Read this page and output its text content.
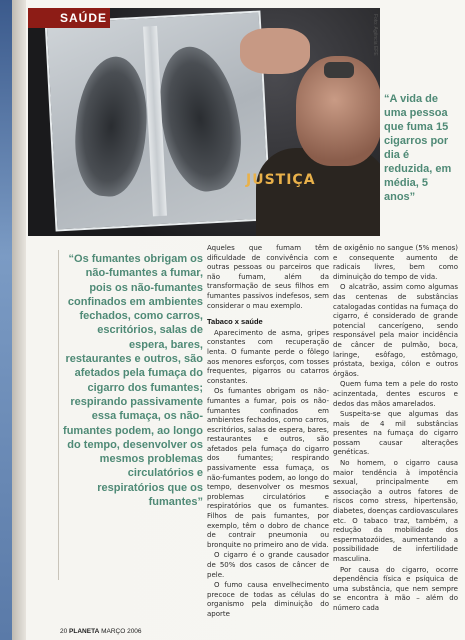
JUSTIÇA
SAÚDE	Foto: Agência EFE
“A vida de uma pessoa que fuma 15 cigarros por dia é reduzida, em média, 5 anos”
“Os fumantes obrigam os não-fumantes a fumar, pois os não-fumantes confinados em ambientes fechados, como carros, escritórios, salas de espera, bares, restaurantes e outros, são afetados pela fumaça do cigarro dos fumantes; respirando passivamente essa fumaça, os não-fumantes podem, ao longo do tempo, desenvolver os mesmos problemas circulatórios e respiratórios que os fumantes”

Aqueles que fumam têm dificuldade de convivência com outras pessoas ou parceiros que não fumam, além da transformação de seus filhos em fumantes passivos indefesos, sem considerar o mau exemplo.

Tabaco x saúde

Aparecimento de asma, gripes constantes com recuperação lenta. O fumante perde o fôlego aos menores esforços, com tosses frequentes, pigarros ou catarros constantes.

Os fumantes obrigam os não-fumantes a fumar, pois os não-fumantes confinados em ambientes fechados, como carros, escritórios, salas de espera, bares, restaurantes e outros, são afetados pela fumaça do cigarro dos fumantes; respirando passivamente essa fumaça, os não-fumantes podem, ao longo do tempo, desenvolver os mesmos problemas circulatórios e respiratórios que os fumantes. Filhos de pais fumantes, por exemplo, têm o dobro de chance de contrair pneumonia ou bronquite no primeiro ano de vida.

O cigarro é o grande causador de 50% dos casos de câncer de pele.

O fumo causa envelhecimento precoce de todas as células do organismo pela diminuição do aporte

de oxigênio no sangue (5% menos) e consequente aumento de radicais livres, bem como diminuição do tempo de vida.

O alcatrão, assim como algumas das centenas de substâncias catalogadas contidas na fumaça do cigarro, é considerado de grande potencial cancerígeno, sendo responsável pela maior incidência de câncer de pulmão, boca, laringe, esôfago, estômago, próstata, bexiga, cólon e outros órgãos.

Quem fuma tem a pele do rosto acinzentada, dentes escuros e dedos das mãos amarelados.

Suspeita-se que algumas das mais de 4 mil substâncias presentes na fumaça do cigarro possam causar alterações genéticas.

No homem, o cigarro causa maior tendência à impotência sexual, principalmente em associação a outros fatores de riscos como stress, hipertensão, diabetes, doenças cardiovasculares etc. O tabaco traz, também, a redução da mobilidade dos espermatozóides, aumentando a possibilidade de infertilidade masculina.

Por causa do cigarro, ocorre dependência física e psíquica de uma substância, que nem sempre se encontra à mão – além do número cada

20 PLANETA MARÇO 2006
